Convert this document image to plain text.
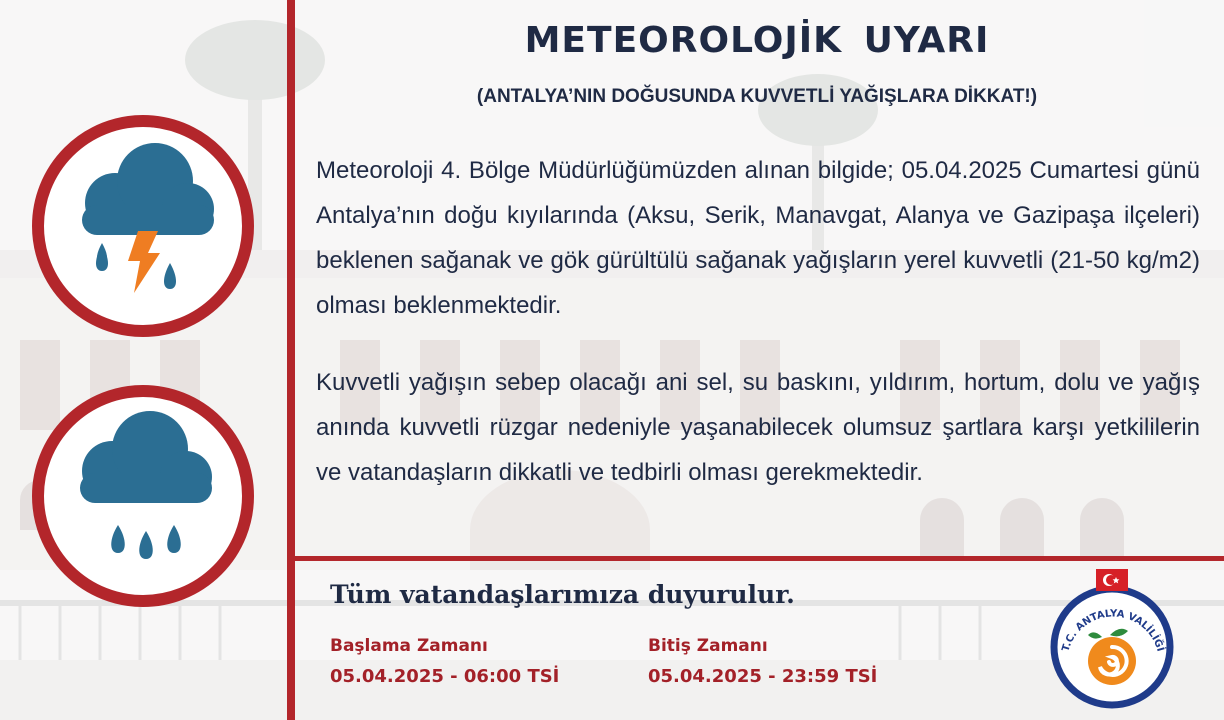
METEOROLOJİK UYARI

(ANTALYA’NIN DOĞUSUNDA KUVVETLİ YAĞIŞLARA DİKKAT!)

Meteoroloji 4. Bölge Müdürlüğümüzden alınan bilgide; 05.04.2025 Cumartesi günü Antalya’nın doğu kıyılarında (Aksu, Serik, Manavgat, Alanya ve Gazipaşa ilçeleri) beklenen sağanak ve gök gürültülü sağanak yağışların yerel kuvvetli (21-50 kg/m2) olması beklenmektedir.

Kuvvetli yağışın sebep olacağı ani sel, su baskını, yıldırım, hortum, dolu ve yağış anında kuvvetli rüzgar nedeniyle yaşanabilecek olumsuz şartlara karşı yetkililerin ve vatandaşların dikkatli ve tedbirli olması gerekmektedir.

Tüm vatandaşlarımıza duyurulur.

Başlama Zamanı

05.04.2025 - 06:00 TSİ

Bitiş Zamanı

05.04.2025 - 23:59 TSİ

T.C. ANTALYA VALİLİĞİ
